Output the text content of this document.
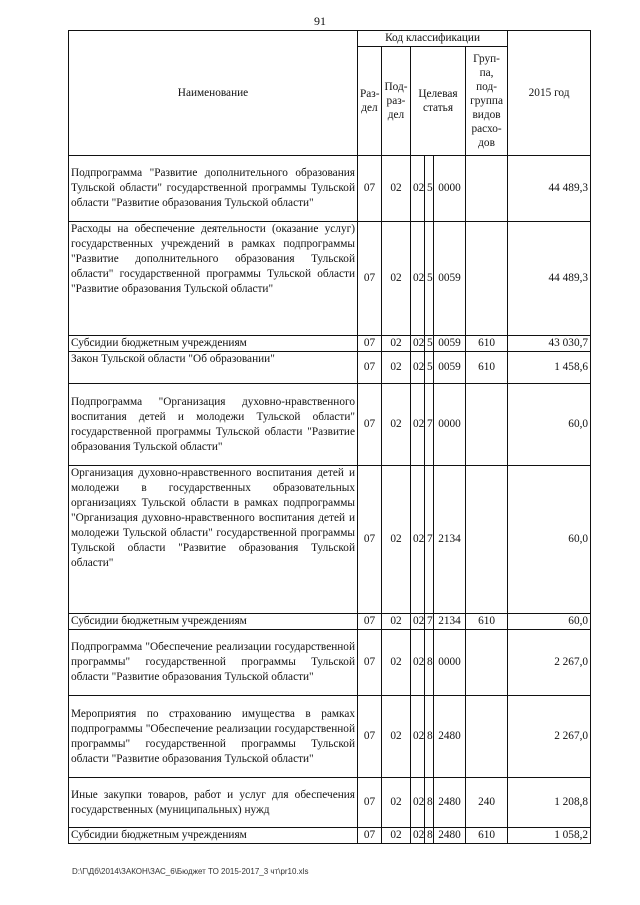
91
Наименование	Код классификации						2015 год
	Раз-дел	Под-раз-дел	Целевая статья			Груп-па, под-группа видов расхо-дов	
Подпрограмма "Развитие дополнительного образования Тульской области" государственной программы Тульской области "Развитие образования Тульской области"	07	02	02	5	0000		44 489,3
Расходы на обеспечение деятельности (оказание услуг) государственных учреждений в рамках подпрограммы "Развитие дополнительного образования Тульской области" государственной программы Тульской области "Развитие образования Тульской области"	07	02	02	5	0059		44 489,3
Субсидии бюджетным учреждениям	07	02	02	5	0059	610	43 030,7
Закон Тульской области "Об образовании"	07	02	02	5	0059	610	1 458,6
Подпрограмма "Организация духовно-нравственного воспитания детей и молодежи Тульской области" государственной программы Тульской области "Развитие образования Тульской области"	07	02	02	7	0000		60,0
Организация духовно-нравственного воспитания детей и молодежи в государственных образовательных организациях Тульской области в рамках подпрограммы "Организация духовно-нравственного воспитания детей и молодежи Тульской области" государственной программы Тульской области "Развитие образования Тульской области"	07	02	02	7	2134		60,0
Субсидии бюджетным учреждениям	07	02	02	7	2134	610	60,0
Подпрограмма "Обеспечение реализации государственной программы" государственной программы Тульской области "Развитие образования Тульской области"	07	02	02	8	0000		2 267,0
Мероприятия по страхованию имущества в рамках подпрограммы "Обеспечение реализации государственной программы" государственной программы Тульской области "Развитие образования Тульской области"	07	02	02	8	2480		2 267,0
Иные закупки товаров, работ и услуг для обеспечения государственных (муниципальных) нужд	07	02	02	8	2480	240	1 208,8
Субсидии бюджетным учреждениям	07	02	02	8	2480	610	1 058,2
D:\Г\Дб\2014\ЗАКОН\ЗАС_6\Бюджет ТО 2015-2017_3 чт\pr10.xls
